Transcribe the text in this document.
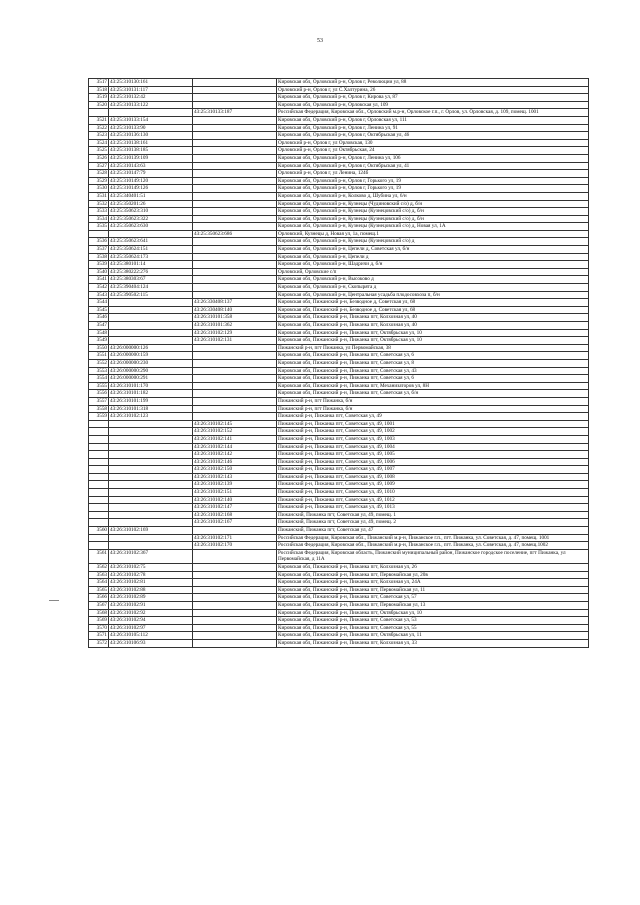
53
3517	43:25:310130:161		Кировская обл, Орловский р-н, Орлов г, Революции ул, 88
3518	43:25:310131:117		Орловский р-н, Орлов г, ул С.Халтурина, 26
3519	43:25:310132:42		Кировская обл, Орловский р-н, Орлов г, Кирова ул, 87
3520	43:25:310133:122		Кировская обл, Орловский р-н, Орловская ул, 109
		43:25:310133:187	Российская Федерация, Кировская обл., Орловский м.р-н, Орловское г.п., г. Орлов, ул. Орловская, д. 109, помещ. 1001
3521	43:25:310133:154		Кировская обл, Орловский р-н, Орлов г, Орловская ул, 111
3522	43:25:310133:90		Кировская обл, Орловский р-н, Орлов г, Ленина ул, 91
3523	43:25:310136:130		Кировская обл, Орловский р-н, Орлов г, Октябрьская ул, 46
3524	43:25:310138:161		Орловский р-н, Орлов г, ул Орловская, 130
3525	43:25:310138:185		Орловский р-н, Орлов г, ул Октябрьская, 24
3526	43:25:310139:109		Кировская обл, Орловский р-н, Орлов г, Ленина ул, 106
3527	43:25:310143:63		Кировская обл, Орловский р-н, Орлов г, Октябрьская ул, 41
3528	43:25:310147:79		Орловский р-н, Орлов г, ул Ленина, 124б
3529	43:25:310149:120		Кировская обл, Орловский р-н, Орлов г, Горького ул, 19
3530	43:25:310149:126		Кировская обл, Орловский р-н, Орлов г, Горького ул, 19
3531	43:25:340401:51		Кировская обл, Орловский р-н, Колково д, Шубина ул, 6/н
3532	43:25:350201:26		Кировская обл, Орловский р-н, Кузнецы (Чудиновский с/о) д, б/н
3533	43:25:350623:310		Кировская обл, Орловский р-н, Кузнецы (Кузнецовский с/о) д, б/н
3534	43:25:350623:322		Кировская обл, Орловский р-н, Кузнецы (Кузнецовский с/о) д, б/н
3535	43:25:350623:630		Кировская обл, Орловский р-н, Кузнецы (Кузнецовский с/о) д, Новая ул, 1А
		43:25:350623:686	Орловский, Кузнецы д, Новая ул, 1а, помещ.1
3536	43:25:350623:641		Кировская обл, Орловский р-н, Кузнецы (Кузнецовский с/о) д
3537	43:25:350624:151		Кировская обл, Орловский р-н, Цепели д, Советская ул, б/н
3538	43:25:350624:173		Кировская обл, Орловский р-н, Цепели д
3539	43:25:380101:14		Кировская обл, Орловский р-н, Шадричи д, б/н
3540	43:25:380222:276		Орловский, Орловские с/п
3541	43:25:380303:67		Кировская обл, Орловский р-н, Высоково д
3542	43:25:390404:124		Кировская обл, Орловский р-н, Скопырята д
3543	43:25:390502:115		Кировская обл, Орловский р-н, Центральная усадьба плодосовхоза п, б/н
3544		43:26:330408:137	Кировская обл, Пижанский р-н, Безводное д, Советская ул, 68
3545		43:26:330408:140	Кировская обл, Пижанский р-н, Безводное д, Советская ул, 68
3546		43:26:310101:358	Кировская обл, Пижанский р-н, Пижанка пгт, Колхозная ул, 40
3547		43:26:310101:362	Кировская обл, Пижанский р-н, Пижанка пгт, Колхозная ул, 40
3548		43:26:310102:129	Кировская обл, Пижанский р-н, Пижанка пгт, Октябрьская ул, 10
3549		43:26:310102:131	Кировская обл, Пижанский р-н, Пижанка пгт, Октябрьская ул, 10
3550	43:26:000000:126		Пижанский р-н, пгт Пижанка, ул Первомайская, 38
3551	43:26:000000:159		Кировская обл, Пижанский р-н, Пижанка пгт, Советская ул, 6
3552	43:26:000000:230		Кировская обл, Пижанский р-н, Пижанка пгт, Советская ул, 8
3553	43:26:000000:290		Кировская обл, Пижанский р-н, Пижанка пгт, Советская ул, 43
3554	43:26:000000:291		Кировская обл, Пижанский р-н, Пижанка пгт, Советская ул, 6
3555	43:26:310101:170		Кировская обл, Пижанский р-н, Пижанка пгт, Механизаторов ул, 8Н
3556	43:26:310101:182		Кировская обл, Пижанский р-н, Пижанка пгт, Советская ул, б/н
3557	43:26:310101:199		Пижанский р-н, пгт Пижанка, б/н
3558	43:26:310101:318		Пижанский р-н, пгт Пижанка, б/н
3559	43:26:310102:123		Пижанский р-н, Пижанка пгт, Советская ул, 49
		43:26:310102:145	Пижанский р-н, Пижанка пгт, Советская ул, 49, 1001
		43:26:310102:152	Пижанский р-н, Пижанка пгт, Советская ул, 49, 1002
		43:26:310102:141	Пижанский р-н, Пижанка пгт, Советская ул, 49, 1003
		43:26:310102:144	Пижанский р-н, Пижанка пгт, Советская ул, 49, 1004
		43:26:310102:142	Пижанский р-н, Пижанка пгт, Советская ул, 49, 1005
		43:26:310102:146	Пижанский р-н, Пижанка пгт, Советская ул, 49, 1006
		43:26:310102:150	Пижанский р-н, Пижанка пгт, Советская ул, 49, 1007
		43:26:310102:143	Пижанский р-н, Пижанка пгт, Советская ул, 49, 1008
		43:26:310102:139	Пижанский р-н, Пижанка пгт, Советская ул, 49, 1009
		43:26:310102:151	Пижанский р-н, Пижанка пгт, Советская ул, 49, 1010
		43:26:310102:140	Пижанский р-н, Пижанка пгт, Советская ул, 49, 1012
		43:26:310102:147	Пижанский р-н, Пижанка пгт, Советская ул, 49, 1013
		43:26:310102:168	Пижанский, Пижанка пгт, Советская ул, 49, помещ. 1
		43:26:310102:167	Пижанский, Пижанка пгт, Советская ул, 49, помещ. 2
3560	43:26:310102:169		Пижанский, Пижанка пгт, Советская ул, 47
		43:26:310102:171	Российская Федерация, Кировская обл., Пижанский м.р-н, Пижанское г.п., пгт. Пижанка, ул. Советская, д. 47, помещ. 1001
		43:26:310102:170	Российская Федерация, Кировская обл., Пижанский м.р-н, Пижанское г.п., пгт. Пижанка, ул. Советская, д. 47, помещ.1002
3561	43:26:310102:367		Российская Федерация, Кировская область, Пижанский муниципальный район, Пижанское городское поселение, пгт Пижанка, ул Первомайская, д 11А
3562	43:26:310102:75		Кировская обл, Пижанский р-н, Пижанка пгт, Колхозная ул, 26
3563	43:26:310102:78		Кировская обл, Пижанский р-н, Пижанка пгт, Первомайская ул, 20в
3564	43:26:310102:81		Кировская обл, Пижанский р-н, Пижанка пгт, Колхозная ул, 24А
3565	43:26:310102:88		Кировская обл, Пижанский р-н, Пижанка пгт, Первомайская ул, 11
3566	43:26:310102:89		Кировская обл, Пижанский р-н, Пижанка пгт, Советская ул, 57
3567	43:26:310102:91		Кировская обл, Пижанский р-н, Пижанка пгт, Первомайская ул, 13
3568	43:26:310102:92		Кировская обл, Пижанский р-н, Пижанка пгт, Октябрьская ул, 10
3569	43:26:310102:94		Кировская обл, Пижанский р-н, Пижанка пгт, Советская ул, 53
3570	43:26:310102:97		Кировская обл, Пижанский р-н, Пижанка пгт, Советская ул, 55
3571	43:26:310105:112		Кировская обл, Пижанский р-н, Пижанка пгт, Октябрьская ул, 11
3572	43:26:310106:93		Кировская обл, Пижанский р-н, Пижанка пгт, Колхозная ул, 33
